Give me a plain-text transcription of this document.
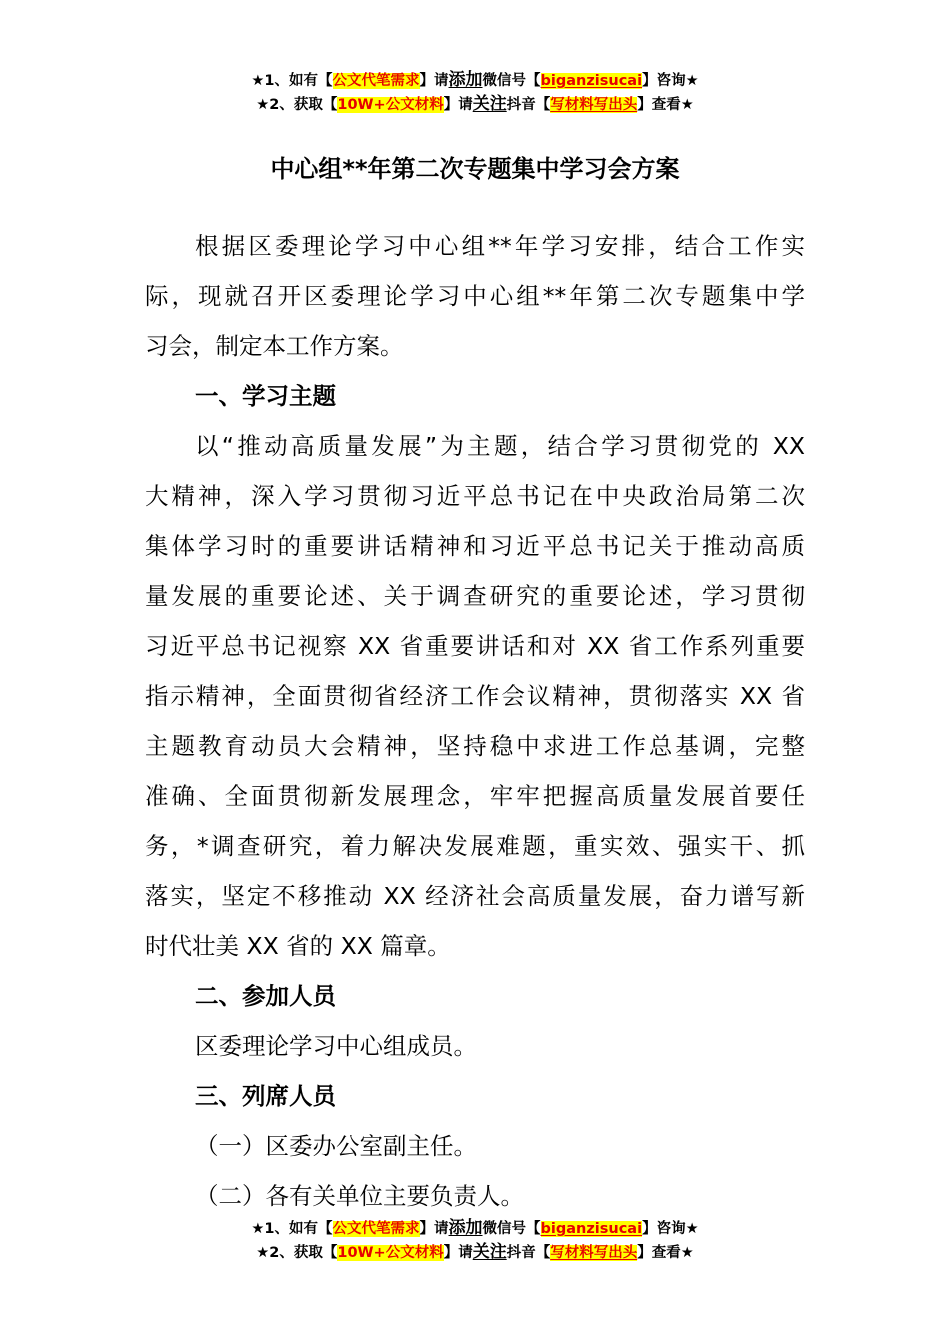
★1、如有【公文代笔需求】请添加微信号【biganzisucai】咨询★
★2、获取【10W+公文材料】请关注抖音【写材料写出头】查看★
中心组**年第二次专题集中学习会方案
根据区委理论学习中心组**年学习安排，结合工作实
际，现就召开区委理论学习中心组**年第二次专题集中学
习会，制定本工作方案。
一、学习主题
以“推动高质量发展”为主题，结合学习贯彻党的 XX
大精神，深入学习贯彻习近平总书记在中央政治局第二次
集体学习时的重要讲话精神和习近平总书记关于推动高质
量发展的重要论述、关于调查研究的重要论述，学习贯彻
习近平总书记视察 XX 省重要讲话和对 XX 省工作系列重要
指示精神，全面贯彻省经济工作会议精神，贯彻落实 XX 省
主题教育动员大会精神，坚持稳中求进工作总基调，完整
准确、全面贯彻新发展理念，牢牢把握高质量发展首要任
务，*调查研究，着力解决发展难题，重实效、强实干、抓
落实，坚定不移推动 XX 经济社会高质量发展，奋力谱写新
时代壮美 XX 省的 XX 篇章。
二、参加人员
区委理论学习中心组成员。
三、列席人员
（一）区委办公室副主任。
（二）各有关单位主要负责人。
★1、如有【公文代笔需求】请添加微信号【biganzisucai】咨询★
★2、获取【10W+公文材料】请关注抖音【写材料写出头】查看★
